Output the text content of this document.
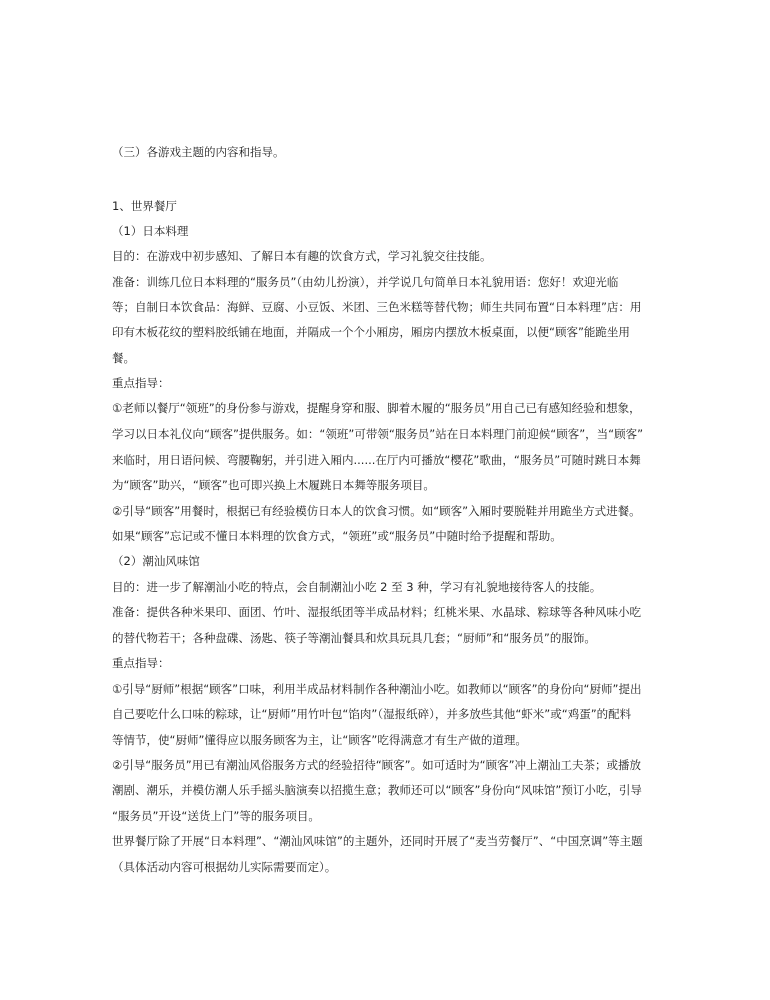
（三）各游戏主题的内容和指导。
1、世界餐厅
（1）日本料理
目的：在游戏中初步感知、了解日本有趣的饮食方式，学习礼貌交往技能。
准备：训练几位日本料理的“服务员”（由幼儿扮演），并学说几句简单日本礼貌用语：您好！欢迎光临
等；自制日本饮食品：海鲜、豆腐、小豆饭、米团、三色米糕等替代物；师生共同布置“日本料理”店：用
印有木板花纹的塑料胶纸铺在地面，并隔成一个个小厢房，厢房内摆放木板桌面，以便“顾客”能跪坐用
餐。
重点指导：
①老师以餐厅“领班”的身份参与游戏，提醒身穿和服、脚着木履的“服务员”用自己已有感知经验和想象，
学习以日本礼仪向“顾客”提供服务。如：“领班”可带领“服务员”站在日本料理门前迎候“顾客”，当“顾客”
来临时，用日语问候、弯腰鞠躬，并引进入厢内......在厅内可播放“樱花”歌曲，“服务员”可随时跳日本舞
为“顾客”助兴，“顾客”也可即兴换上木履跳日本舞等服务项目。
②引导“顾客”用餐时，根据已有经验模仿日本人的饮食习惯。如“顾客”入厢时要脱鞋并用跪坐方式进餐。
如果“顾客”忘记或不懂日本料理的饮食方式，“领班”或“服务员”中随时给予提醒和帮助。
（2）潮汕风味馆
目的：进一步了解潮汕小吃的特点，会自制潮汕小吃 2 至 3 种，学习有礼貌地接待客人的技能。
准备：提供各种米果印、面团、竹叶、湿报纸团等半成品材料；红桃米果、水晶球、粽球等各种风味小吃
的替代物若干；各种盘碟、汤匙、筷子等潮汕餐具和炊具玩具几套；“厨师”和“服务员”的服饰。
重点指导：
①引导“厨师”根据“顾客”口味，利用半成品材料制作各种潮汕小吃。如教师以“顾客”的身份向“厨师”提出
自己要吃什么口味的粽球，让“厨师”用竹叶包“馅肉”（湿报纸碎），并多放些其他“虾米”或“鸡蛋”的配料
等情节，使“厨师”懂得应以服务顾客为主，让“顾客”吃得满意才有生产做的道理。
②引导“服务员”用已有潮汕风俗服务方式的经验招待“顾客”。如可适时为“顾客”冲上潮汕工夫茶；或播放
潮剧、潮乐，并模仿潮人乐手摇头脑演奏以招揽生意；教师还可以“顾客”身份向“风味馆”预订小吃，引导
“服务员”开设“送货上门”等的服务项目。
世界餐厅除了开展“日本料理”、“潮汕风味馆”的主题外，还同时开展了“麦当劳餐厅”、“中国烹调”等主题
（具体活动内容可根据幼儿实际需要而定）。
